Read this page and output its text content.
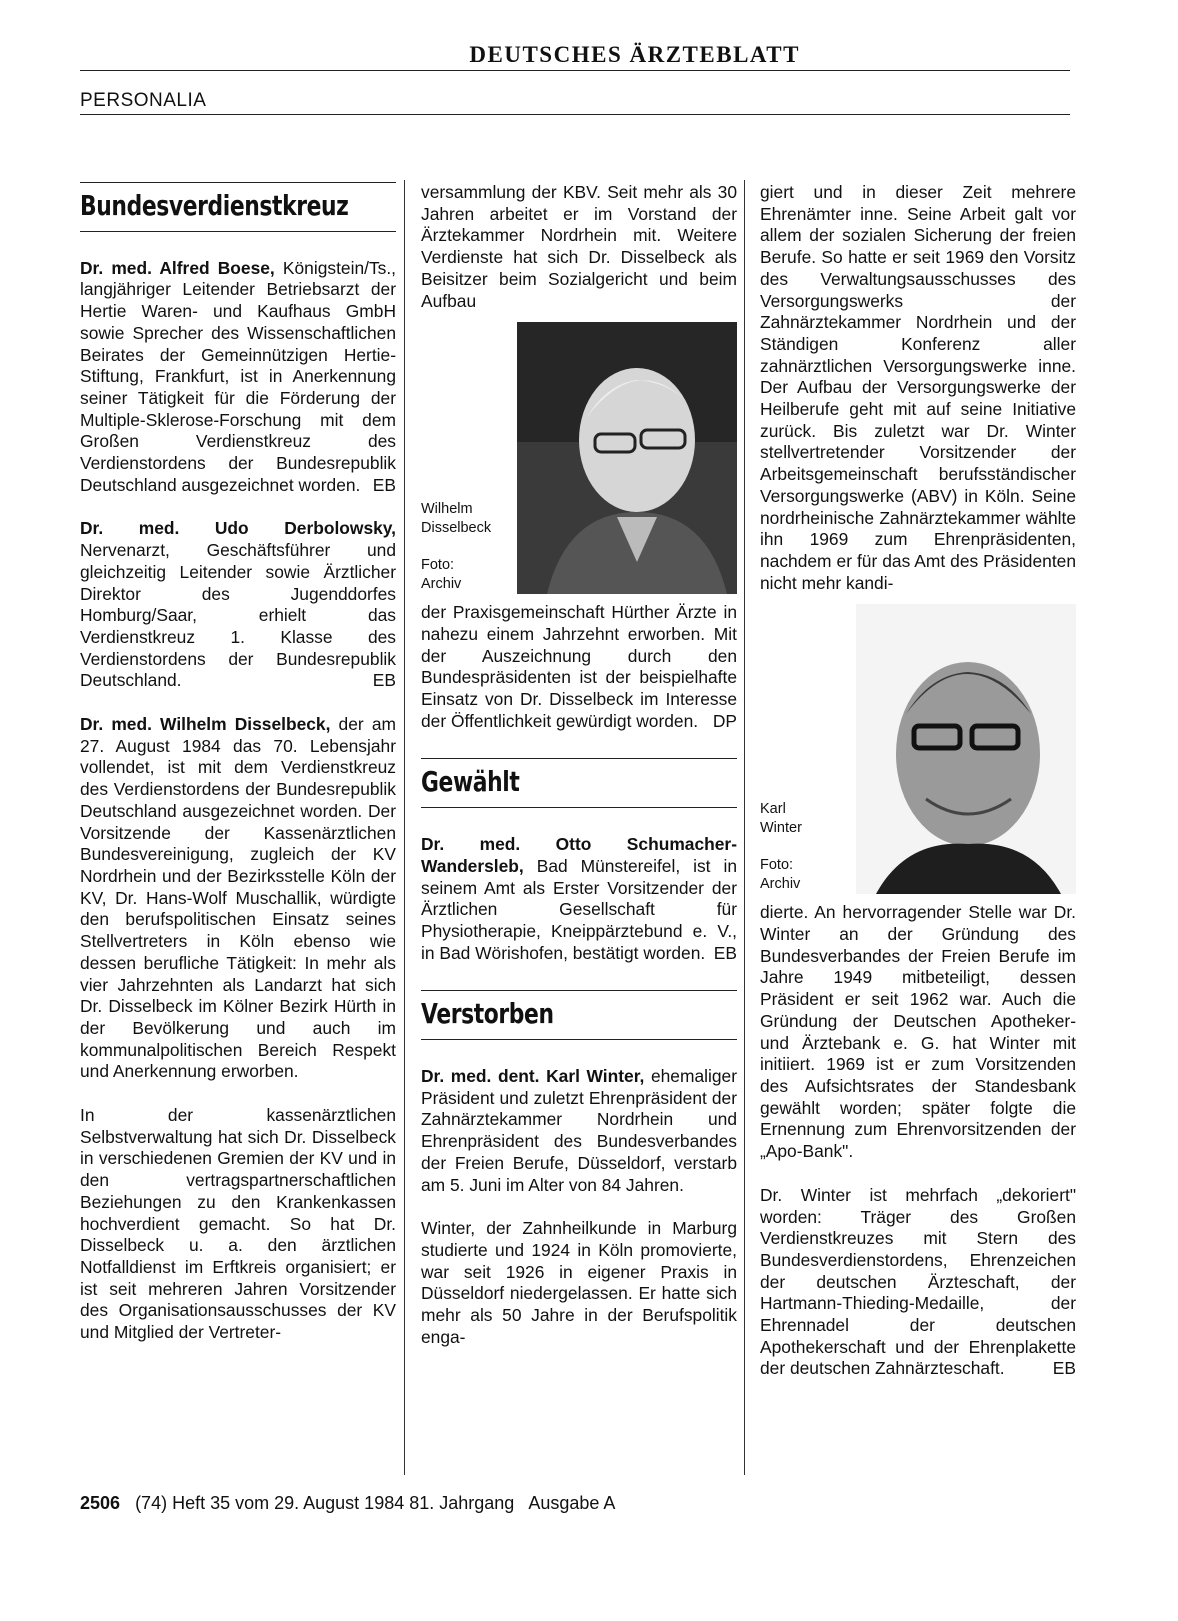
DEUTSCHES ÄRZTEBLATT
PERSONALIA
Bundesverdienstkreuz

Dr. med. Alfred Boese, Königstein/Ts., langjähriger Leitender Betriebsarzt der Hertie Waren- und Kaufhaus GmbH sowie Sprecher des Wissenschaftlichen Beirates der Gemeinnützigen Hertie-Stiftung, Frankfurt, ist in Anerkennung seiner Tätigkeit für die Förderung der Multiple-Sklerose-Forschung mit dem Großen Verdienstkreuz des Verdienstordens der Bundesrepublik Deutschland ausgezeichnet worden. EB

Dr. med. Udo Derbolowsky, Nervenarzt, Geschäftsführer und gleichzeitig Leitender sowie Ärztlicher Direktor des Jugenddorfes Homburg/Saar, erhielt das Verdienstkreuz 1. Klasse des Verdienstordens der Bundesrepublik Deutschland.	EB

Dr. med. Wilhelm Disselbeck, der am 27. August 1984 das 70. Lebensjahr vollendet, ist mit dem Verdienstkreuz des Verdienstordens der Bundesrepublik Deutschland ausgezeichnet worden. Der Vorsitzende der Kassenärztlichen Bundesvereinigung, zugleich der KV Nordrhein und der Bezirksstelle Köln der KV, Dr. Hans-Wolf Muschallik, würdigte den berufspolitischen Einsatz seines Stellvertreters in Köln ebenso wie dessen berufliche Tätigkeit: In mehr als vier Jahrzehnten als Landarzt hat sich Dr. Disselbeck im Kölner Bezirk Hürth in der Bevölkerung und auch im kommunalpolitischen Bereich Respekt und Anerkennung erworben.

In der kassenärztlichen Selbstverwaltung hat sich Dr. Disselbeck in verschiedenen Gremien der KV und in den vertragspartnerschaftlichen Beziehungen zu den Krankenkassen hochverdient gemacht. So hat Dr. Disselbeck u. a. den ärztlichen Notfalldienst im Erftkreis organisiert; er ist seit mehreren Jahren Vorsitzender des Organisationsausschusses der KV und Mitglied der Vertreter-

versammlung der KBV. Seit mehr als 30 Jahren arbeitet er im Vorstand der Ärztekammer Nordrhein mit. Weitere Verdienste hat sich Dr. Disselbeck als Beisitzer beim Sozialgericht und beim Aufbau

Wilhelm
Disselbeck
Foto:
Archiv

der Praxisgemeinschaft Hürther Ärzte in nahezu einem Jahrzehnt erworben. Mit der Auszeichnung durch den Bundespräsidenten ist der beispielhafte Einsatz von Dr. Disselbeck im Interesse der Öffentlichkeit gewürdigt worden. DP

Gewählt

Dr. med. Otto Schumacher-Wandersleb, Bad Münstereifel, ist in seinem Amt als Erster Vorsitzender der Ärztlichen Gesellschaft für Physiotherapie, Kneippärztebund e. V., in Bad Wörishofen, bestätigt worden. EB

Verstorben

Dr. med. dent. Karl Winter, ehemaliger Präsident und zuletzt Ehrenpräsident der Zahnärztekammer Nordrhein und Ehrenpräsident des Bundesverbandes der Freien Berufe, Düsseldorf, verstarb am 5. Juni im Alter von 84 Jahren.

Winter, der Zahnheilkunde in Marburg studierte und 1924 in Köln promovierte, war seit 1926 in eigener Praxis in Düsseldorf niedergelassen. Er hatte sich mehr als 50 Jahre in der Berufspolitik enga-

giert und in dieser Zeit mehrere Ehrenämter inne. Seine Arbeit galt vor allem der sozialen Sicherung der freien Berufe. So hatte er seit 1969 den Vorsitz des Verwaltungsausschusses des Versorgungswerks der Zahnärztekammer Nordrhein und der Ständigen Konferenz aller zahnärztlichen Versorgungswerke inne. Der Aufbau der Versorgungswerke der Heilberufe geht mit auf seine Initiative zurück. Bis zuletzt war Dr. Winter stellvertretender Vorsitzender der Arbeitsgemeinschaft berufsständischer Versorgungswerke (ABV) in Köln. Seine nordrheinische Zahnärztekammer wählte ihn 1969 zum Ehrenpräsidenten, nachdem er für das Amt des Präsidenten nicht mehr kandi-

Karl
Winter
Foto:
Archiv

dierte. An hervorragender Stelle war Dr. Winter an der Gründung des Bundesverbandes der Freien Berufe im Jahre 1949 mitbeteiligt, dessen Präsident er seit 1962 war. Auch die Gründung der Deutschen Apotheker- und Ärztebank e. G. hat Winter mit initiiert. 1969 ist er zum Vorsitzenden des Aufsichtsrates der Standesbank gewählt worden; später folgte die Ernennung zum Ehrenvorsitzenden der „Apo-Bank".

Dr. Winter ist mehrfach „dekoriert" worden: Träger des Großen Verdienstkreuzes mit Stern des Bundesverdienstordens, Ehrenzeichen der deutschen Ärzteschaft, der Hartmann-Thieding-Medaille, der Ehrennadel der deutschen Apothekerschaft und der Ehrenplakette der deutschen Zahnärzteschaft.	EB

2506 (74) Heft 35 vom 29. August 1984 81. Jahrgang Ausgabe A
